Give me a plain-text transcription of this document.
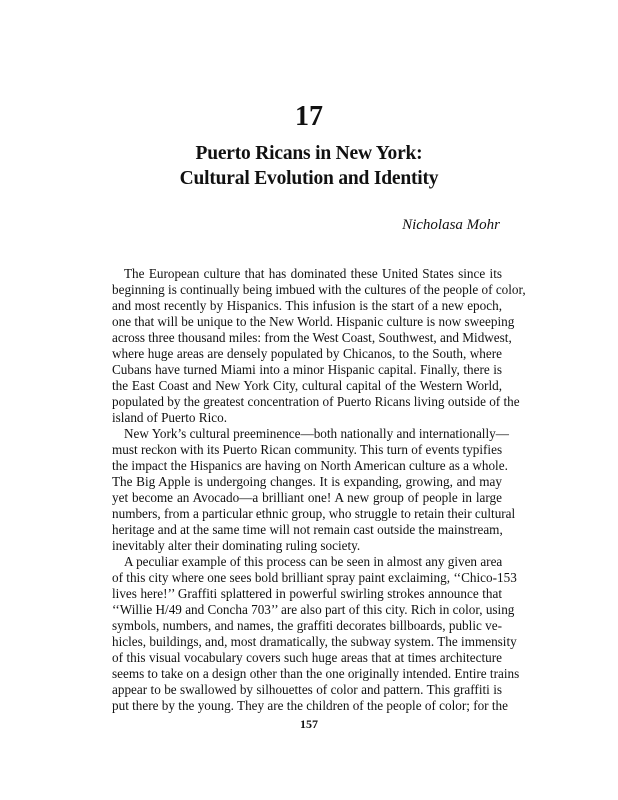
17
Puerto Ricans in New York:
Cultural Evolution and Identity
Nicholasa Mohr
The European culture that has dominated these United States since its
beginning is continually being imbued with the cultures of the people of color,
and most recently by Hispanics. This infusion is the start of a new epoch,
one that will be unique to the New World. Hispanic culture is now sweeping
across three thousand miles: from the West Coast, Southwest, and Midwest,
where huge areas are densely populated by Chicanos, to the South, where
Cubans have turned Miami into a minor Hispanic capital. Finally, there is
the East Coast and New York City, cultural capital of the Western World,
populated by the greatest concentration of Puerto Ricans living outside of the
island of Puerto Rico.
New York’s cultural preeminence—both nationally and internationally—
must reckon with its Puerto Rican community. This turn of events typifies
the impact the Hispanics are having on North American culture as a whole.
The Big Apple is undergoing changes. It is expanding, growing, and may
yet become an Avocado—a brilliant one! A new group of people in large
numbers, from a particular ethnic group, who struggle to retain their cultural
heritage and at the same time will not remain cast outside the mainstream,
inevitably alter their dominating ruling society.
A peculiar example of this process can be seen in almost any given area
of this city where one sees bold brilliant spray paint exclaiming, ‘‘Chico-153
lives here!’’ Graffiti splattered in powerful swirling strokes announce that
‘‘Willie H/49 and Concha 703’’ are also part of this city. Rich in color, using
symbols, numbers, and names, the graffiti decorates billboards, public ve-
hicles, buildings, and, most dramatically, the subway system. The immensity
of this visual vocabulary covers such huge areas that at times architecture
seems to take on a design other than the one originally intended. Entire trains
appear to be swallowed by silhouettes of color and pattern. This graffiti is
put there by the young. They are the children of the people of color; for the
157
